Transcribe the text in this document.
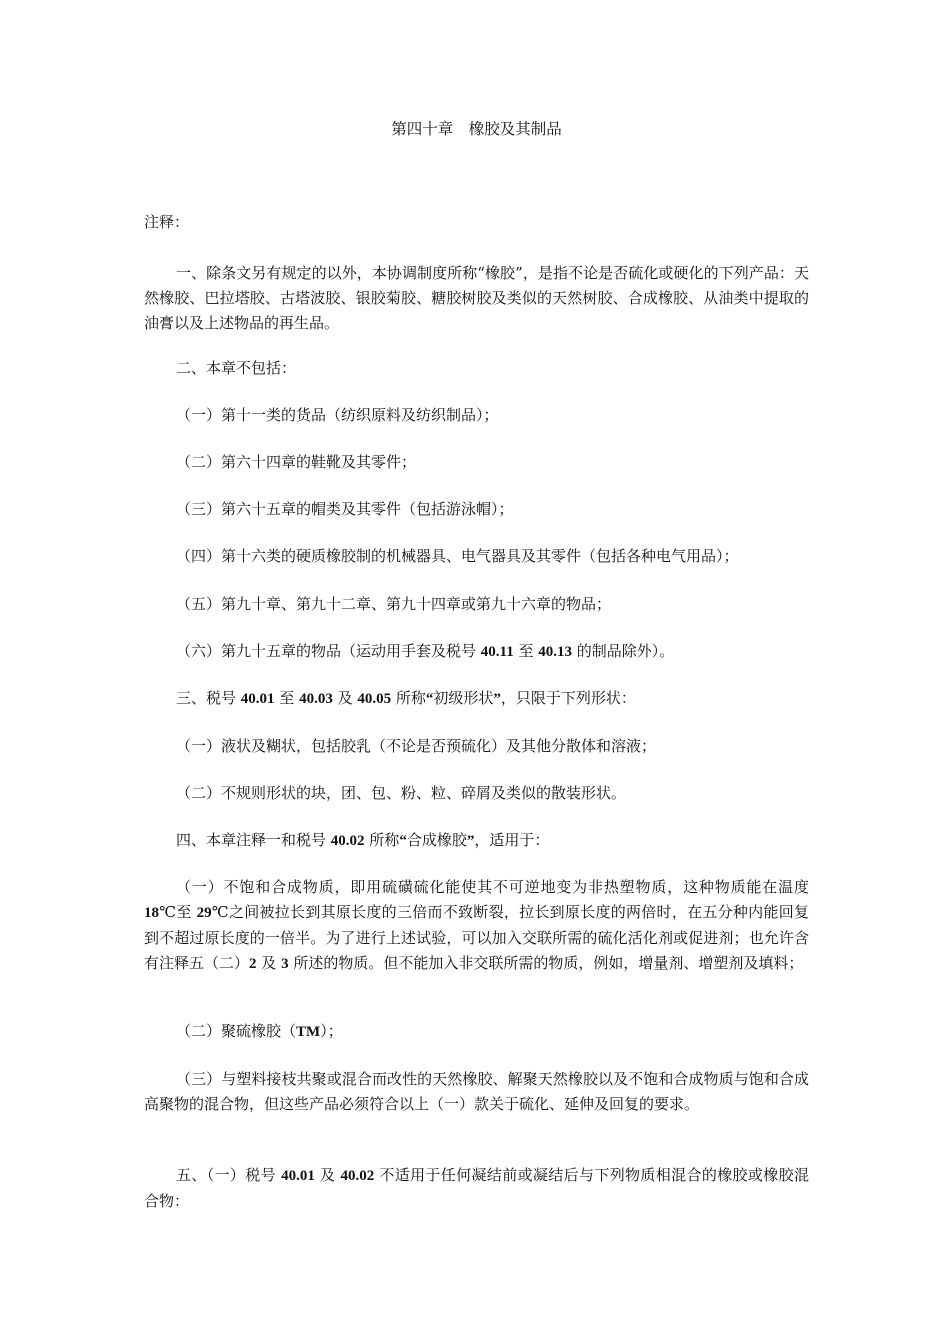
第四十章　橡胶及其制品
注释：
一、除条文另有规定的以外，本协调制度所称“橡胶”，是指不论是否硫化或硬化的下列产品：天然橡胶、巴拉塔胶、古塔波胶、银胶菊胶、糖胶树胶及类似的天然树胶、合成橡胶、从油类中提取的油膏以及上述物品的再生品。
二、本章不包括：
（一）第十一类的货品（纺织原料及纺织制品）；
（二）第六十四章的鞋靴及其零件；
（三）第六十五章的帽类及其零件（包括游泳帽）；
（四）第十六类的硬质橡胶制的机械器具、电气器具及其零件（包括各种电气用品）；
（五）第九十章、第九十二章、第九十四章或第九十六章的物品；
（六）第九十五章的物品（运动用手套及税号 40.11 至 40.13 的制品除外）。
三、税号 40.01 至 40.03 及 40.05 所称“初级形状”，只限于下列形状：
（一）液状及糊状，包括胶乳（不论是否预硫化）及其他分散体和溶液；
（二）不规则形状的块，团、包、粉、粒、碎屑及类似的散装形状。
四、本章注释一和税号 40.02 所称“合成橡胶”，适用于：
（一）不饱和合成物质，即用硫磺硫化能使其不可逆地变为非热塑物质，这种物质能在温度 18℃至 29℃之间被拉长到其原长度的三倍而不致断裂，拉长到原长度的两倍时，在五分种内能回复到不超过原长度的一倍半。为了进行上述试验，可以加入交联所需的硫化活化剂或促进剂；也允许含有注释五（二）2 及 3 所述的物质。但不能加入非交联所需的物质，例如，增量剂、增塑剂及填料；
（二）聚硫橡胶（TM）；
（三）与塑料接枝共聚或混合而改性的天然橡胶、解聚天然橡胶以及不饱和合成物质与饱和合成高聚物的混合物，但这些产品必须符合以上（一）款关于硫化、延伸及回复的要求。
五、（一）税号 40.01 及 40.02 不适用于任何凝结前或凝结后与下列物质相混合的橡胶或橡胶混合物：
